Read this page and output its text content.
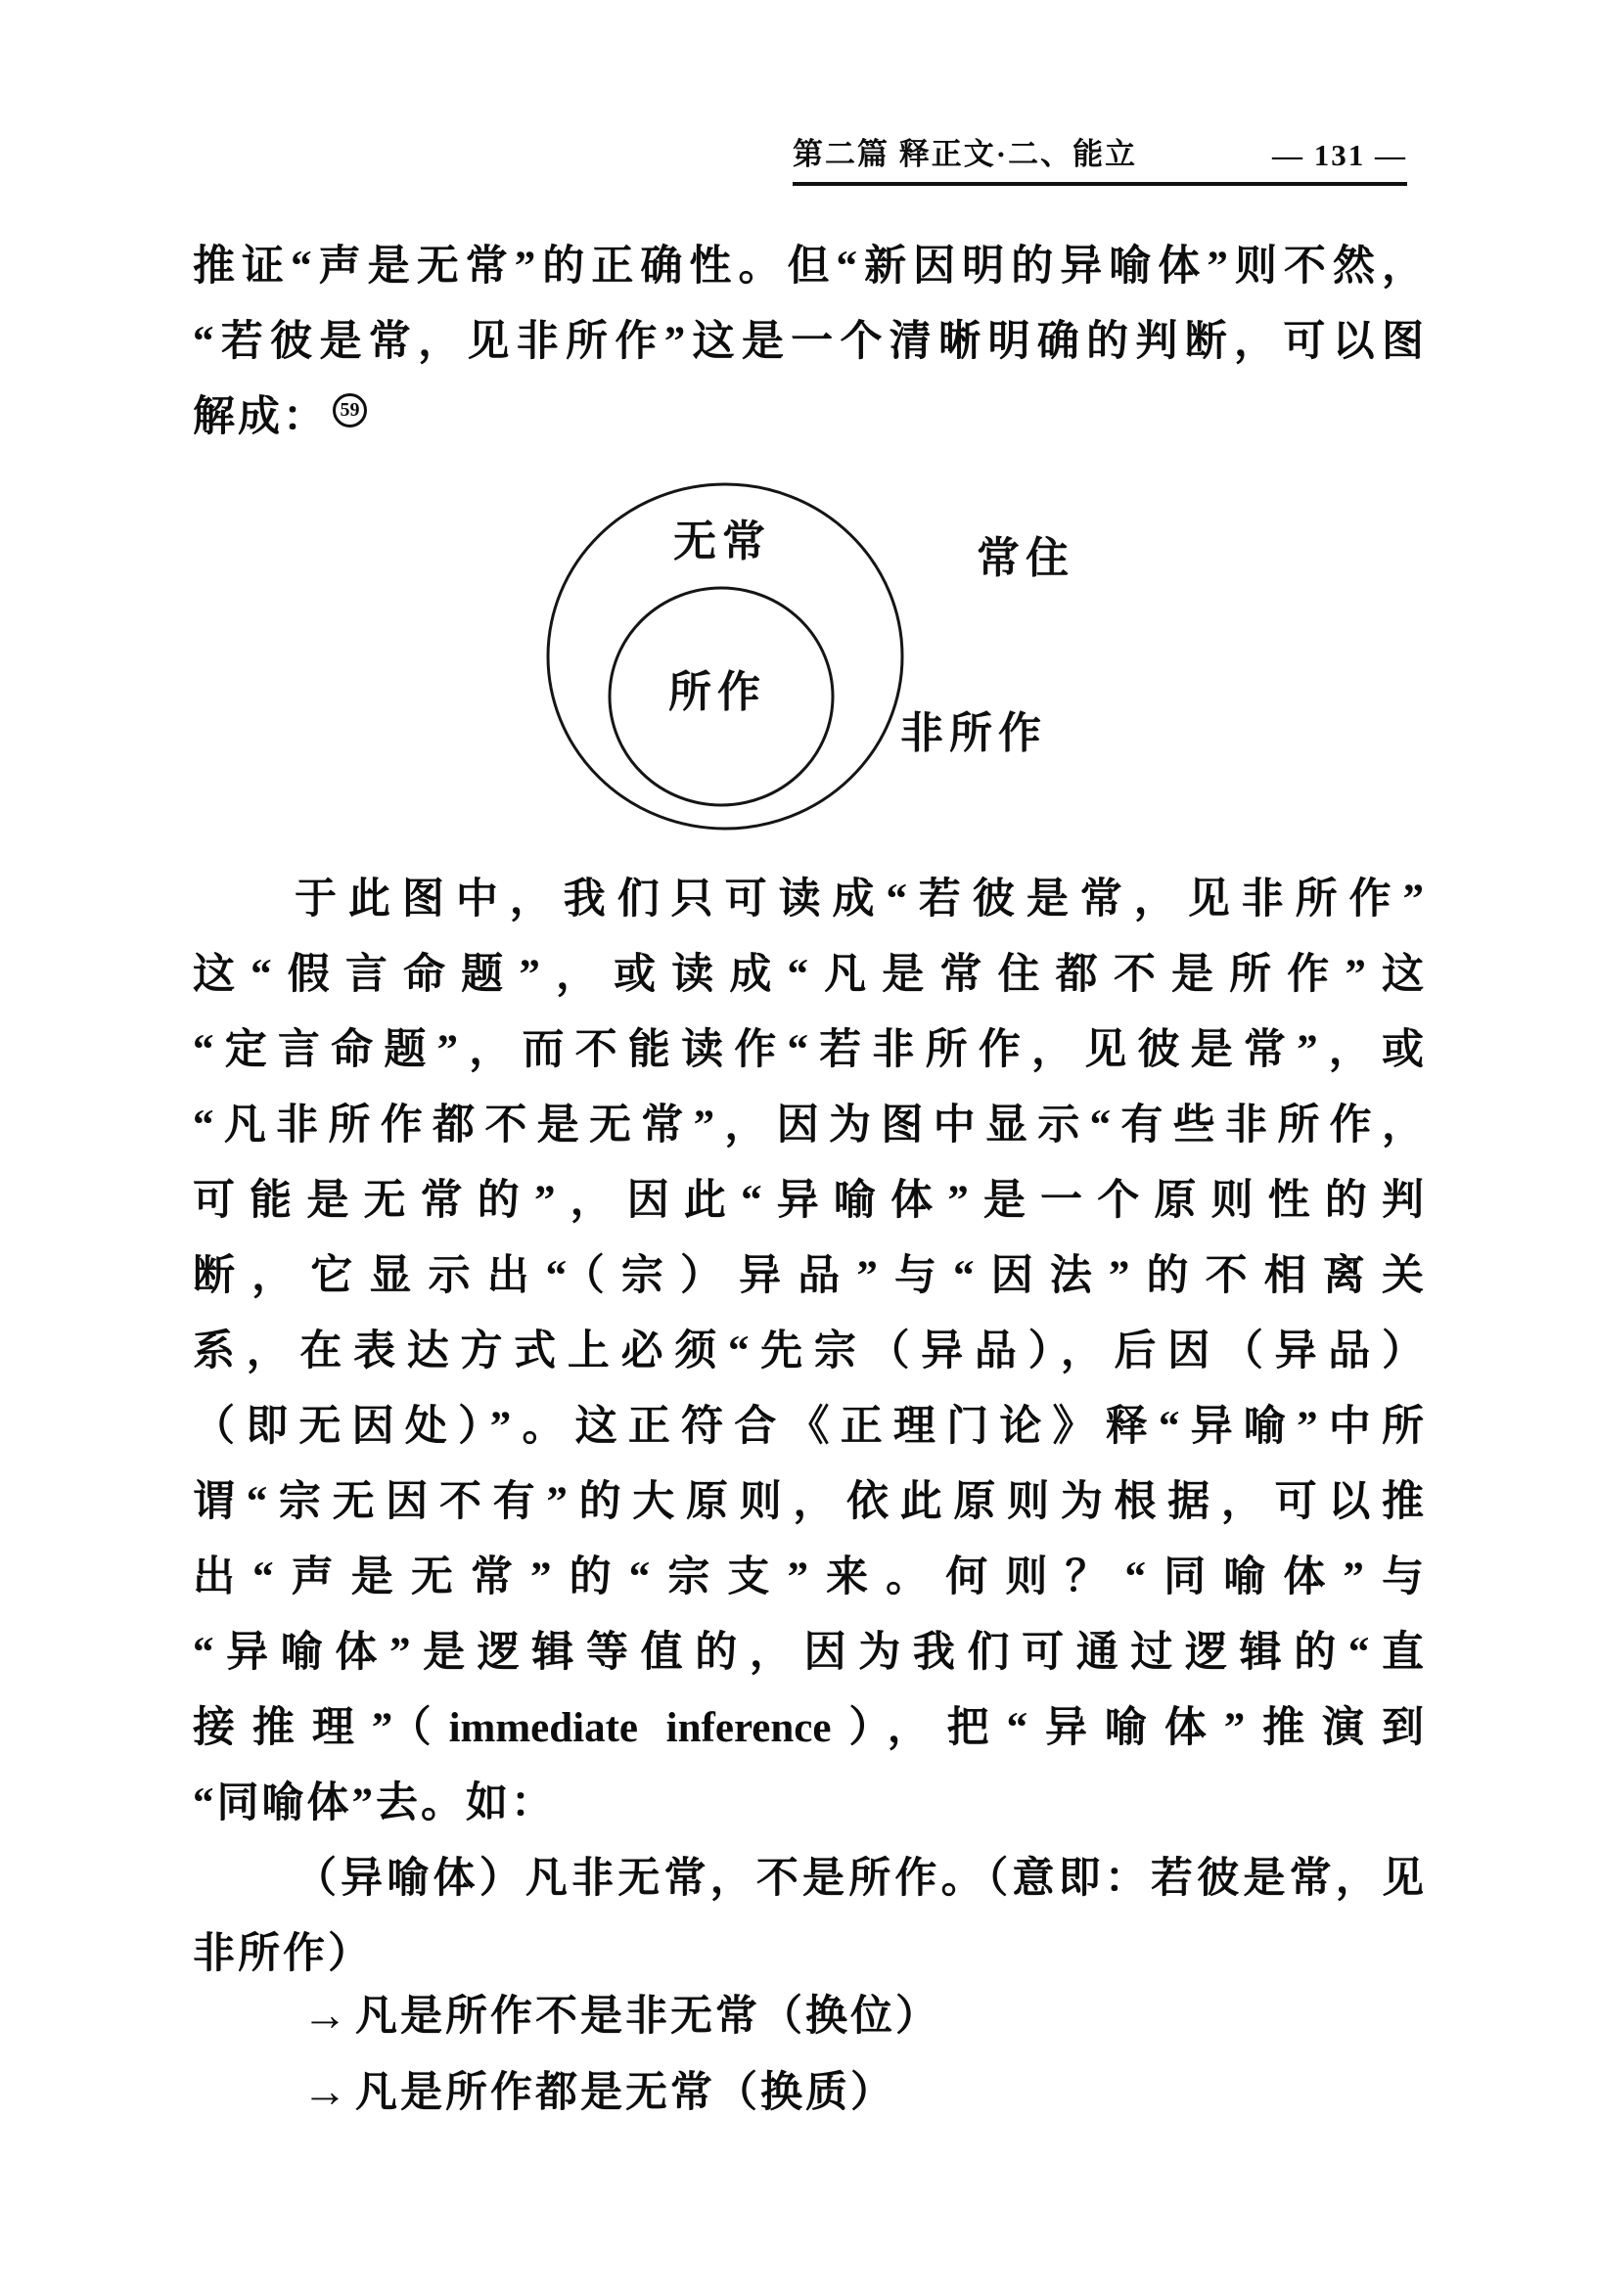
第二篇 释正文·二、能立	— 131 —
推证“声是无常”的正确性。但“新因明的异喻体”则不然，
“若彼是常，见非所作”这是一个清晰明确的判断，可以图
解成： 59
无常
所作
常住
非所作
于此图中，我们只可读成“若彼是常，见非所作”
这“假言命题”，或读成“凡是常住都不是所作”这
“定言命题”，而不能读作“若非所作，见彼是常”，或
“凡非所作都不是无常”，因为图中显示“有些非所作，
可能是无常的”，因此“异喻体”是一个原则性的判
断，它显示出“（宗）异品”与“因法”的不相离关
系，在表达方式上必须“先宗（异品），后因（异品）
（即无因处）”。这正符合《正理门论》释“异喻”中所
谓“宗无因不有”的大原则，依此原则为根据，可以推
出“声是无常”的“宗支”来。何则？“同喻体”与
“异喻体”是逻辑等值的，因为我们可通过逻辑的“直
接推理”（immediate inference），把“异喻体”推演到
“同喻体”去。如：
（异喻体）凡非无常，不是所作。（意即：若彼是常，见
非所作）
→ 凡是所作不是非无常（换位）
→ 凡是所作都是无常（换质）
